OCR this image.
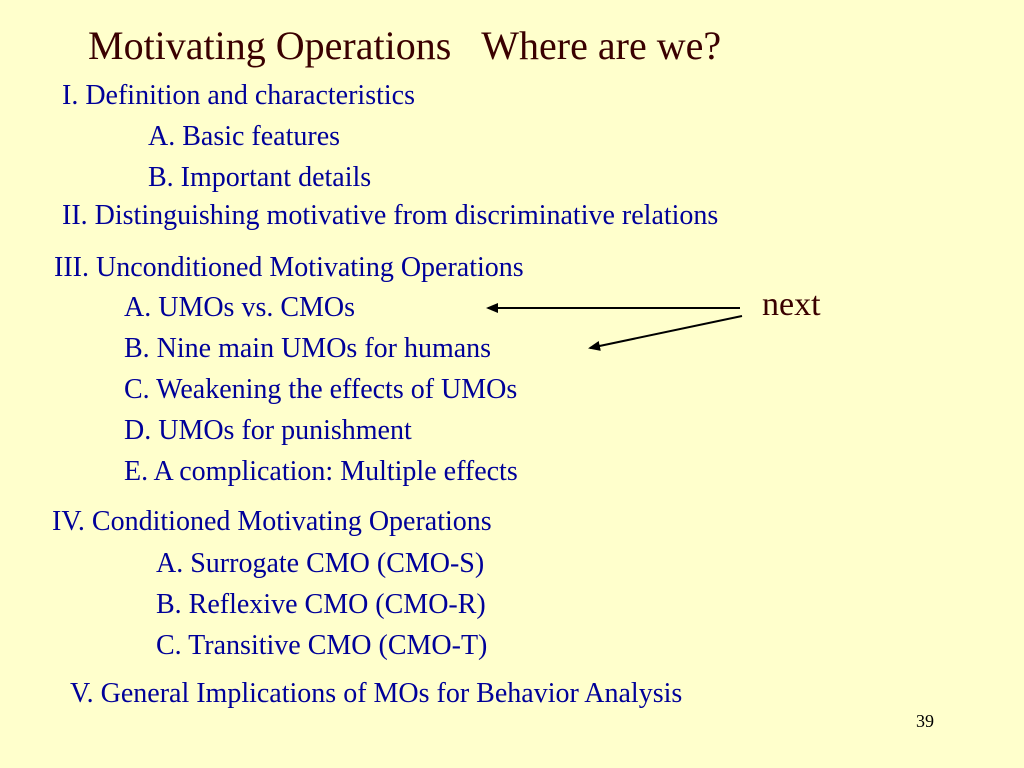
Motivating Operations Where are we?
I. Definition and characteristics
A. Basic features
B. Important details
II. Distinguishing motivative from discriminative relations
III. Unconditioned Motivating Operations
A. UMOs vs. CMOs
B. Nine main UMOs for humans
C. Weakening the effects of UMOs
D. UMOs for punishment
E. A complication: Multiple effects
IV. Conditioned Motivating Operations
A. Surrogate CMO (CMO-S)
B. Reflexive CMO (CMO-R)
C. Transitive CMO (CMO-T)
V. General Implications of MOs for Behavior Analysis
next
39
